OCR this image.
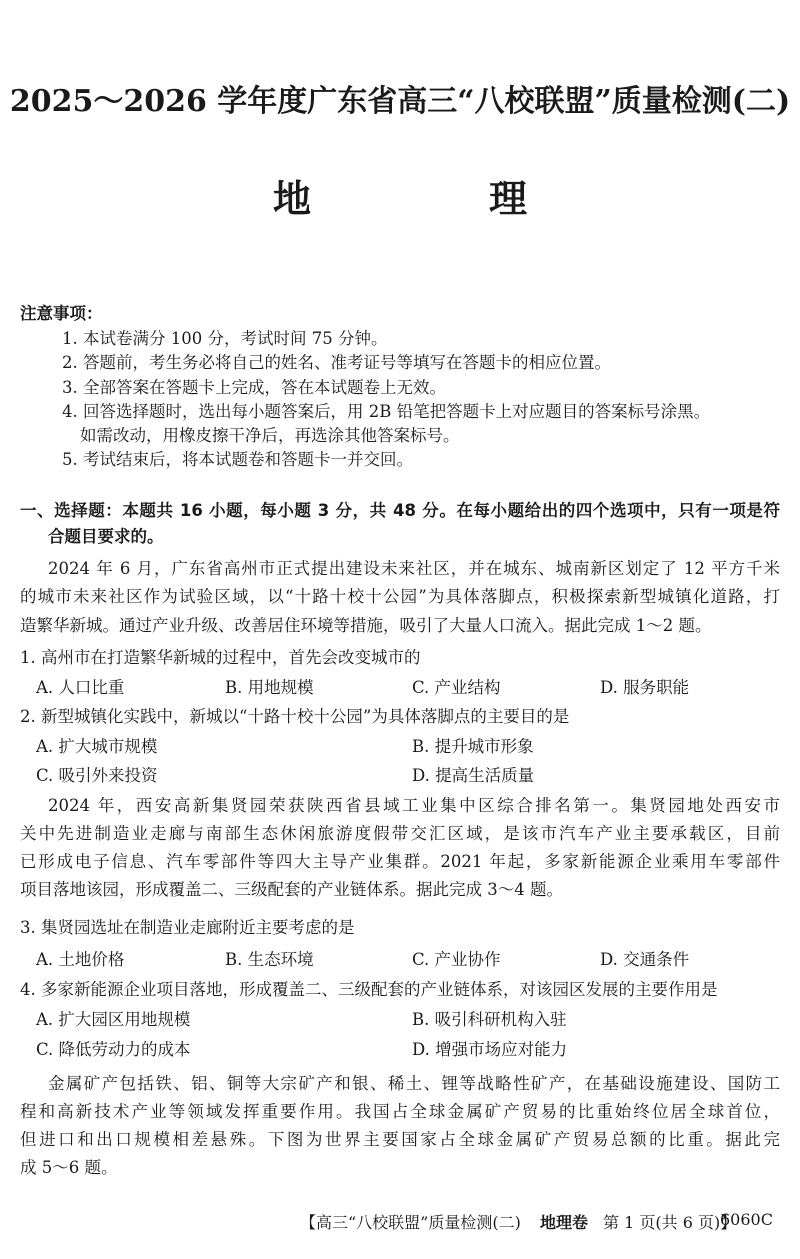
2025～2026 学年度广东省高三“八校联盟”质量检测(二)
地　理
注意事项：
1. 本试卷满分 100 分，考试时间 75 分钟。
2. 答题前，考生务必将自己的姓名、准考证号等填写在答题卡的相应位置。
3. 全部答案在答题卡上完成，答在本试题卷上无效。
4. 回答选择题时，选出每小题答案后，用 2B 铅笔把答题卡上对应题目的答案标号涂黑。
如需改动，用橡皮擦干净后，再选涂其他答案标号。
5. 考试结束后，将本试题卷和答题卡一并交回。
一、选择题：本题共 16 小题，每小题 3 分，共 48 分。在每小题给出的四个选项中，只有一项是符
合题目要求的。
2024 年 6 月，广东省高州市正式提出建设未来社区，并在城东、城南新区划定了 12 平方千米
的城市未来社区作为试验区域，以“十路十校十公园”为具体落脚点，积极探索新型城镇化道路，打
造繁华新城。通过产业升级、改善居住环境等措施，吸引了大量人口流入。据此完成 1～2 题。
1. 高州市在打造繁华新城的过程中，首先会改变城市的
A. 人口比重	B. 用地规模	C. 产业结构	D. 服务职能
2. 新型城镇化实践中，新城以“十路十校十公园”为具体落脚点的主要目的是
A. 扩大城市规模	B. 提升城市形象
C. 吸引外来投资	D. 提高生活质量
2024 年，西安高新集贤园荣获陕西省县域工业集中区综合排名第一。集贤园地处西安市
关中先进制造业走廊与南部生态休闲旅游度假带交汇区域，是该市汽车产业主要承载区，目前
已形成电子信息、汽车零部件等四大主导产业集群。2021 年起，多家新能源企业乘用车零部件
项目落地该园，形成覆盖二、三级配套的产业链体系。据此完成 3～4 题。
3. 集贤园选址在制造业走廊附近主要考虑的是
A. 土地价格	B. 生态环境	C. 产业协作	D. 交通条件
4. 多家新能源企业项目落地，形成覆盖二、三级配套的产业链体系，对该园区发展的主要作用是
A. 扩大园区用地规模	B. 吸引科研机构入驻
C. 降低劳动力的成本	D. 增强市场应对能力
金属矿产包括铁、铝、铜等大宗矿产和银、稀土、锂等战略性矿产，在基础设施建设、国防工
程和高新技术产业等领域发挥重要作用。我国占全球金属矿产贸易的比重始终位居全球首位，
但进口和出口规模相差悬殊。下图为世界主要国家占全球金属矿产贸易总额的比重。据此完
成 5～6 题。
【高三“八校联盟”质量检测(二) 地理卷 第 1 页(共 6 页)】
6060C
